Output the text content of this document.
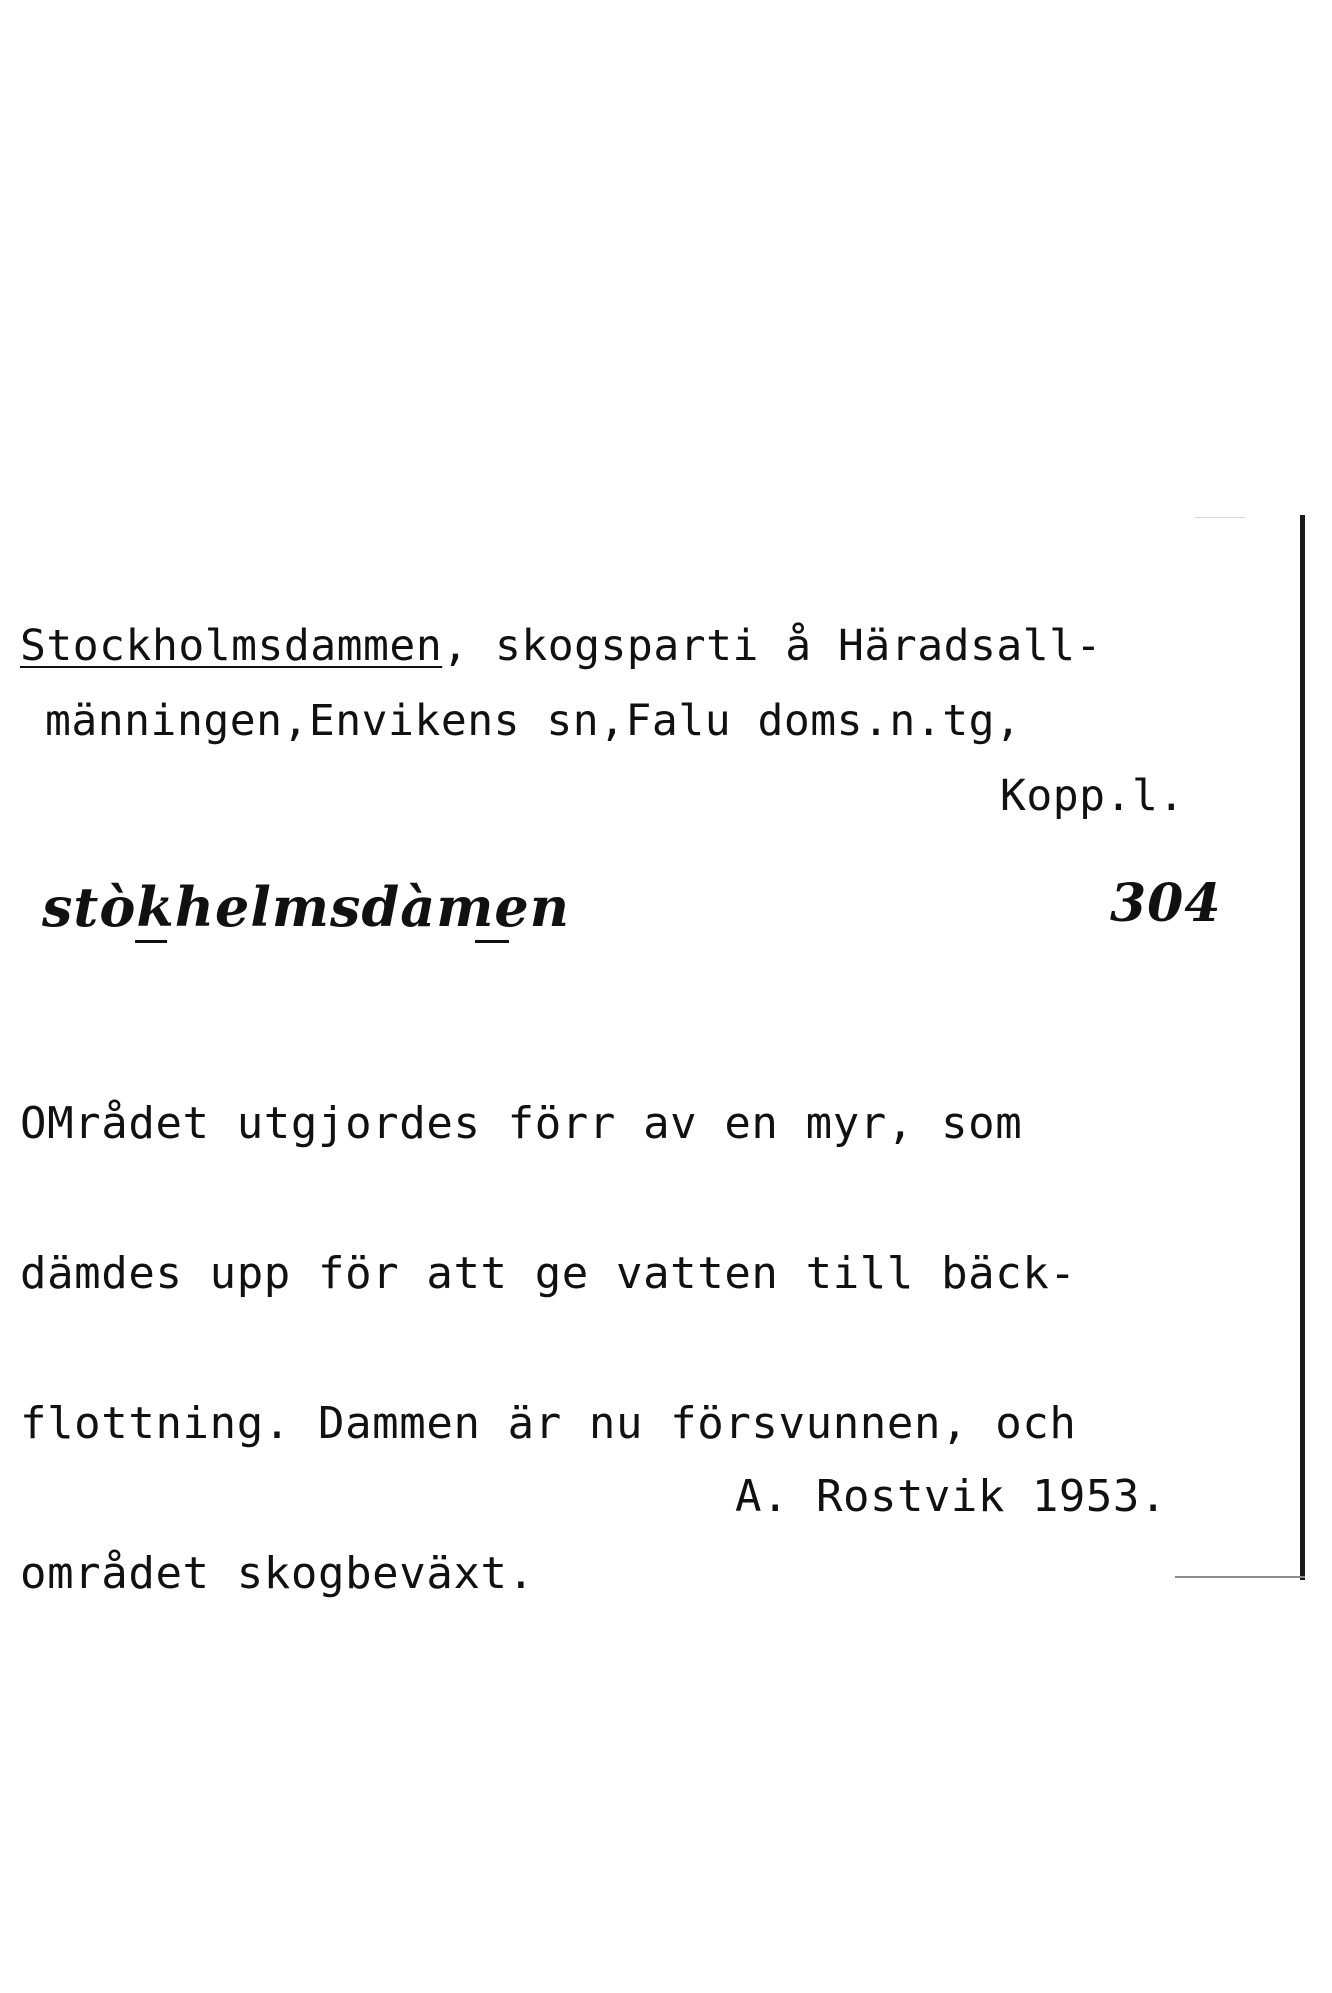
Stockholmsdammen, skogsparti å Häradsall-
männingen,Envikens sn,Falu doms.n.tg,
Kopp.l.
stòkhelmsdàmen	304

OMrådet utgjordes förr av en myr, som

dämdes upp för att ge vatten till bäck-

flottning. Dammen är nu försvunnen, och

området skogbeväxt.

A. Rostvik 1953.
